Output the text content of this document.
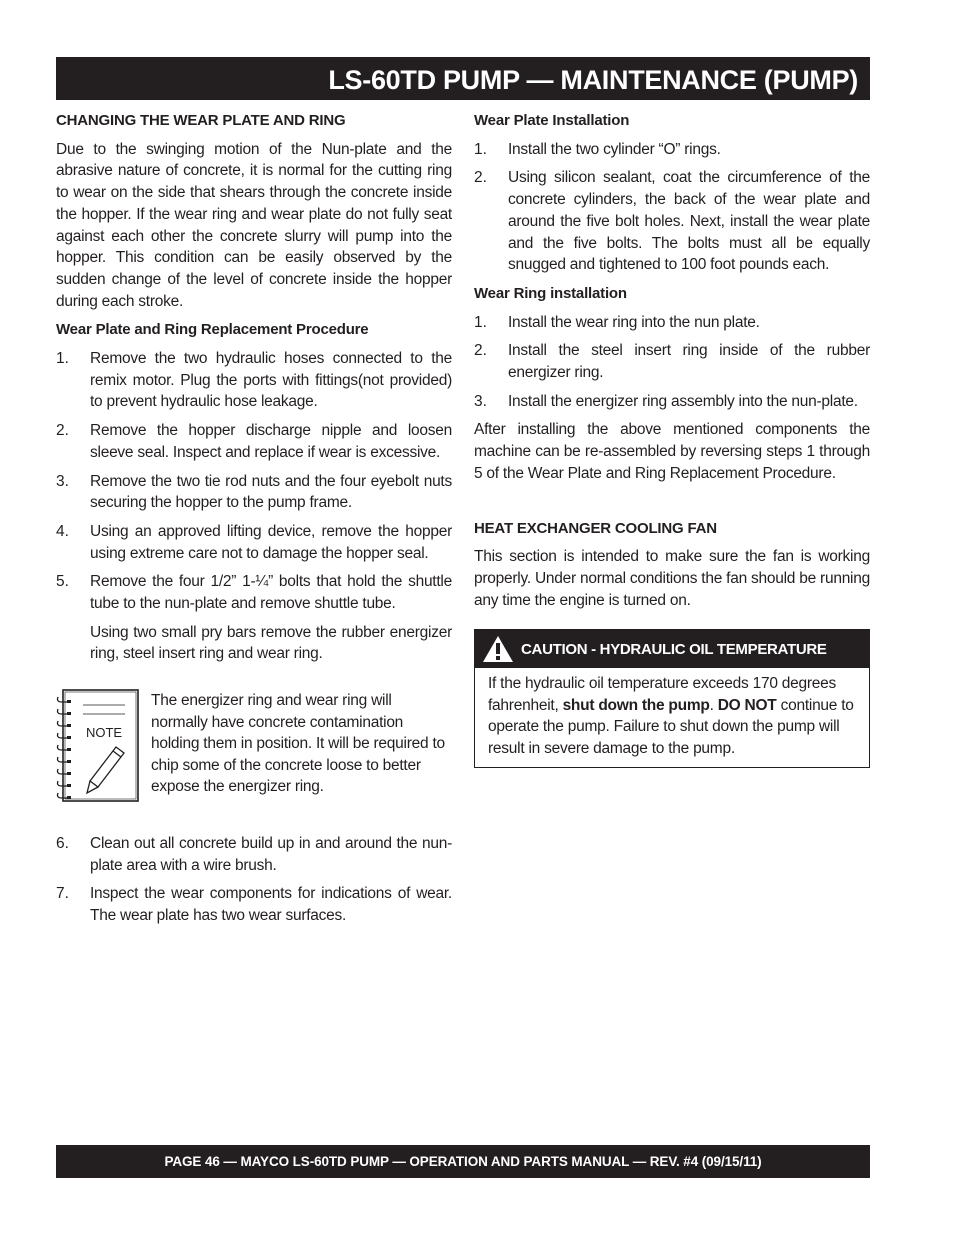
LS-60TD PUMP — MAINTENANCE (PUMP)
CHANGING THE WEAR PLATE AND RING
Due to the swinging motion of the Nun-plate and the abrasive nature of concrete, it is normal for the cutting ring to wear on the side that shears through the concrete inside the hopper. If the wear ring and wear plate do not fully seat against each other the concrete slurry will pump into the hopper. This condition can be easily observed by the sudden change of the level of concrete inside the hopper during each stroke.
Wear Plate and Ring Replacement Procedure
1.	Remove the two hydraulic hoses connected to the remix motor. Plug the ports with fittings(not provided) to prevent hydraulic hose leakage.
2.	Remove the hopper discharge nipple and loosen sleeve seal. Inspect and replace if wear is excessive.
3.	Remove the two tie rod nuts and the four eyebolt nuts securing the hopper to the pump frame.
4.	Using an approved lifting device, remove the hopper using extreme care not to damage the hopper seal.
5.	Remove the four 1/2” 1-¼” bolts that hold the shuttle tube to the nun-plate and remove shuttle tube.
Using two small pry bars remove the rubber energizer ring, steel insert ring and wear ring.
NOTE
The energizer ring and wear ring will normally have concrete contamination holding them in position. It will be required to chip some of the concrete loose to better expose the energizer ring.
6.	Clean out all concrete build up in and around the nun-plate area with a wire brush.
7.	Inspect the wear components for indications of wear. The wear plate has two wear surfaces.
Wear Plate Installation
1.	Install the two cylinder “O” rings.
2.	Using silicon sealant, coat the circumference of the concrete cylinders, the back of the wear plate and around the five bolt holes. Next, install the wear plate and the five bolts. The bolts must all be equally snugged and tightened to 100 foot pounds each.
Wear Ring installation
1.	Install the wear ring into the nun plate.
2.	Install the steel insert ring inside of the rubber energizer ring.
3.	Install the energizer ring assembly into the nun-plate.
After installing the above mentioned components the machine can be re-assembled by reversing steps 1 through 5 of the Wear Plate and Ring Replacement Procedure.
HEAT EXCHANGER COOLING FAN
This section is intended to make sure the fan is working properly. Under normal conditions the fan should be running any time the engine is turned on.
CAUTION - HYDRAULIC OIL TEMPERATURE
If the hydraulic oil temperature exceeds 170 degrees fahrenheit, shut down the pump. DO NOT continue to operate the pump. Failure to shut down the pump will result in severe damage to the pump.
PAGE 46 — MAYCO LS-60TD PUMP — OPERATION AND PARTS MANUAL — REV. #4 (09/15/11)
